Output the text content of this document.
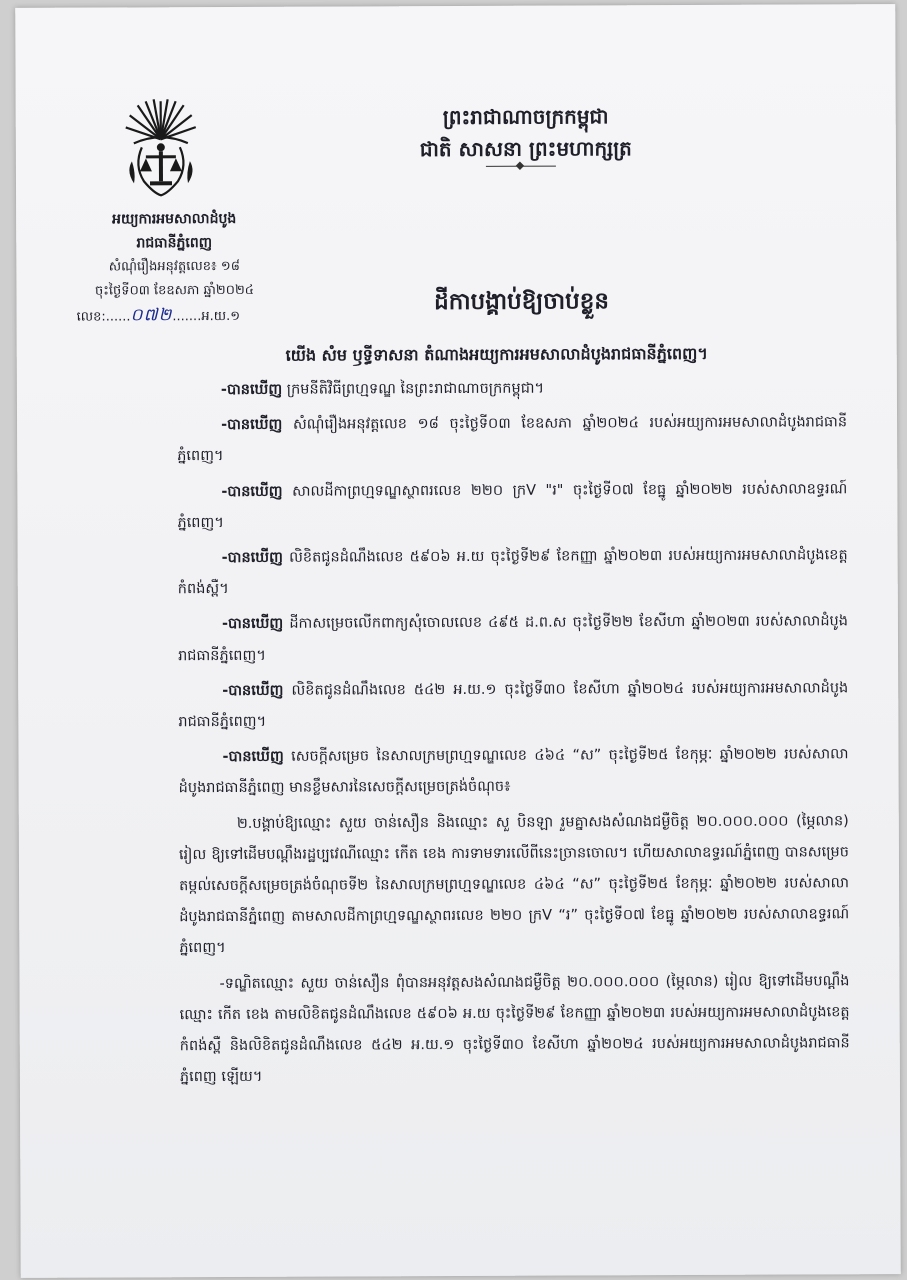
អយ្យការអមសាលាដំបូង
រាជធានីភ្នំពេញ
សំណុំរឿងអនុវត្តលេខ៖ ១៨
ចុះថ្ងៃទី០៣ ខែឧសភា ឆ្នាំ២០២៤
លេខ:......០៧២.......អ.យ.១
ព្រះរាជាណាចក្រកម្ពុជា
ជាតិ សាសនា ព្រះមហាក្សត្រ
ដីកាបង្គាប់ឱ្យចាប់ខ្លួន
យើង សំម ឫទ្ធីទាសនា តំណាងអយ្យការអមសាលាដំបូងរាជធានីភ្នំពេញ។

-បានឃើញ ក្រមនីតិវិធីព្រហ្មទណ្ឌ នៃព្រះរាជាណាចក្រកម្ពុជា។

-បានឃើញ សំណុំរឿងអនុវត្តលេខ ១៨ ចុះថ្ងៃទី០៣ ខែឧសភា ឆ្នាំ២០២៤ របស់អយ្យការអមសាលាដំបូងរាជធានីភ្នំពេញ។

-បានឃើញ សាលដីកាព្រហ្មទណ្ឌស្ថាពរលេខ ២២០ ក្រV "រ" ចុះថ្ងៃទី០៧ ខែធ្នូ ឆ្នាំ២០២២ របស់សាលាឧទ្ធរណ៍ភ្នំពេញ។

-បានឃើញ លិខិតជូនដំណឹងលេខ ៥៩០៦ អ.យ ចុះថ្ងៃទី២៩ ខែកញ្ញា ឆ្នាំ២០២៣ របស់អយ្យការអមសាលាដំបូងខេត្តកំពង់ស្ពឺ។

-បានឃើញ ដីកាសម្រេចលើកពាក្យសុំចោលលេខ ៤៩៥ ដ.ព.ស ចុះថ្ងៃទី២២ ខែសីហា ឆ្នាំ២០២៣ របស់សាលាដំបូងរាជធានីភ្នំពេញ។

-បានឃើញ លិខិតជូនដំណឹងលេខ ៥៤២ អ.យ.១ ចុះថ្ងៃទី៣០ ខែសីហា ឆ្នាំ២០២៤ របស់អយ្យការអមសាលាដំបូងរាជធានីភ្នំពេញ។

-បានឃើញ សេចក្ដីសម្រេច នៃសាលក្រមព្រហ្មទណ្ឌលេខ ៤៦៤ “ស” ចុះថ្ងៃទី២៥ ខែកុម្ភៈ ឆ្នាំ២០២២ របស់សាលាដំបូងរាជធានីភ្នំពេញ មានខ្លឹមសារនៃសេចក្ដីសម្រេចត្រង់ចំណុច៖

២.បង្គាប់ឱ្យឈ្មោះ សួយ ចាន់សឿន និងឈ្មោះ សួ បិនឡា រួមគ្នាសងសំណងជម្ងឺចិត្ត ២០.០០០.០០០ (ម្ភៃលាន) រៀល ឱ្យទៅដើមបណ្ដឹងរដ្ឋប្បវេណីឈ្មោះ កើត ខេង ការទាមទារលើពីនេះច្រានចោល។ ហើយសាលាឧទ្ធរណ៍ភ្នំពេញ បានសម្រេចតម្កល់សេចក្ដីសម្រេចត្រង់ចំណុចទី២ នៃសាលក្រមព្រហ្មទណ្ឌលេខ ៤៦៤ “ស” ចុះថ្ងៃទី២៥ ខែកុម្ភៈ ឆ្នាំ២០២២ របស់សាលាដំបូងរាជធានីភ្នំពេញ តាមសាលដីកាព្រហ្មទណ្ឌស្ថាពរលេខ ២២០ ក្រV “រ” ចុះថ្ងៃទី០៧ ខែធ្នូ ឆ្នាំ២០២២ របស់សាលាឧទ្ធរណ៍ភ្នំពេញ។

-ទណ្ឌិតឈ្មោះ សួយ ចាន់សឿន ពុំបានអនុវត្តសងសំណងជម្ងឺចិត្ត ២០.០០០.០០០ (ម្ភៃលាន) រៀល ឱ្យទៅដើមបណ្ដឹងឈ្មោះ កើត ខេង តាមលិខិតជូនដំណឹងលេខ ៥៩០៦ អ.យ ចុះថ្ងៃទី២៩ ខែកញ្ញា ឆ្នាំ២០២៣ របស់អយ្យការអមសាលាដំបូងខេត្តកំពង់ស្ពឺ និងលិខិតជូនដំណឹងលេខ ៥៤២ អ.យ.១ ចុះថ្ងៃទី៣០ ខែសីហា ឆ្នាំ២០២៤ របស់អយ្យការអមសាលាដំបូងរាជធានីភ្នំពេញ ឡើយ។
